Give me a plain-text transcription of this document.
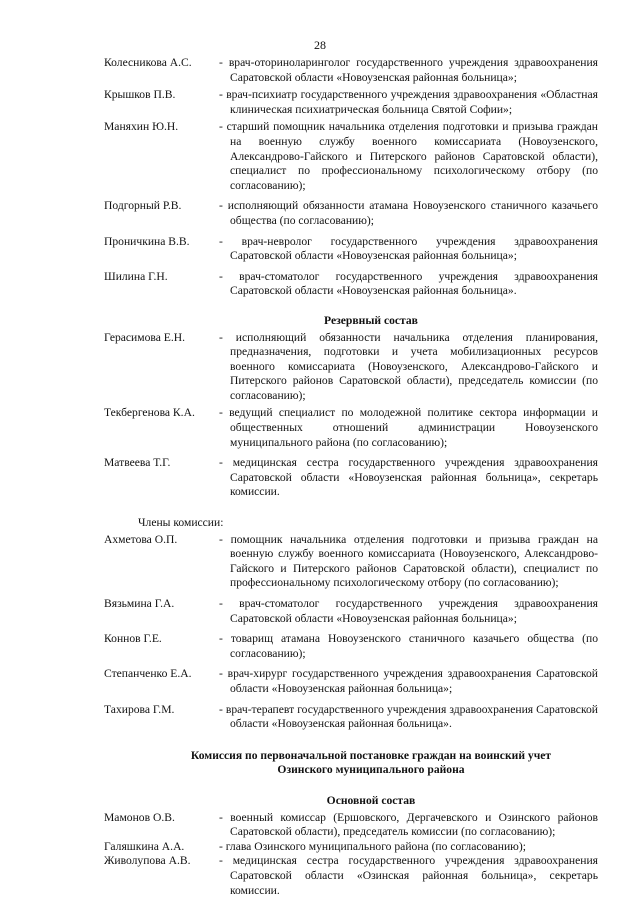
28
Колесникова А.С.	- врач-оториноларинголог государственного учреждения здравоохранения Саратовской области «Новоузенская районная больница»;
Крышков П.В.	- врач-психиатр государственного учреждения здравоохранения «Областная клиническая психиатрическая больница Святой Софии»;
Маняхин Ю.Н.	- старший помощник начальника отделения подготовки и призыва граждан на военную службу военного комиссариата (Новоузенского, Александрово-Гайского и Питерского районов Саратовской области), специалист по профессиональному психологическому отбору (по согласованию);
Подгорный Р.В.	- исполняющий обязанности атамана Новоузенского станичного казачьего общества (по согласованию);
Проничкина В.В.	- врач-невролог государственного учреждения здравоохранения Саратовской области «Новоузенская районная больница»;
Шилина Г.Н.	- врач-стоматолог государственного учреждения здравоохранения Саратовской области «Новоузенская районная больница».
Резервный состав
Герасимова Е.Н.	- исполняющий обязанности начальника отделения планирования, предназначения, подготовки и учета мобилизационных ресурсов военного комиссариата (Новоузенского, Александрово-Гайского и Питерского районов Саратовской области), председатель комиссии (по согласованию);
Текбергенова К.А.	- ведущий специалист по молодежной политике сектора информации и общественных отношений администрации Новоузенского муниципального района (по согласованию);
Матвеева Т.Г.	- медицинская сестра государственного учреждения здравоохранения Саратовской области «Новоузенская районная больница», секретарь комиссии.
Члены комиссии:
Ахметова О.П.	- помощник начальника отделения подготовки и призыва граждан на военную службу военного комиссариата (Новоузенского, Александрово-Гайского и Питерского районов Саратовской области), специалист по профессиональному психологическому отбору (по согласованию);
Вязьмина Г.А.	- врач-стоматолог государственного учреждения здравоохранения Саратовской области «Новоузенская районная больница»;
Коннов Г.Е.	- товарищ атамана Новоузенского станичного казачьего общества (по согласованию);
Степанченко Е.А.	- врач-хирург государственного учреждения здравоохранения Саратовской области «Новоузенская районная больница»;
Тахирова Г.М.	- врач-терапевт государственного учреждения здравоохранения Саратовской области «Новоузенская районная больница».
Комиссия по первоначальной постановке граждан на воинский учет
Озинского муниципального района
Основной состав
Мамонов О.В.	- военный комиссар (Ершовского, Дергачевского и Озинского районов Саратовской области), председатель комиссии (по согласованию);
Галяшкина А.А.	- глава Озинского муниципального района (по согласованию);
Живолупова А.В.	- медицинская сестра государственного учреждения здравоохранения Саратовской области «Озинская районная больница», секретарь комиссии.
